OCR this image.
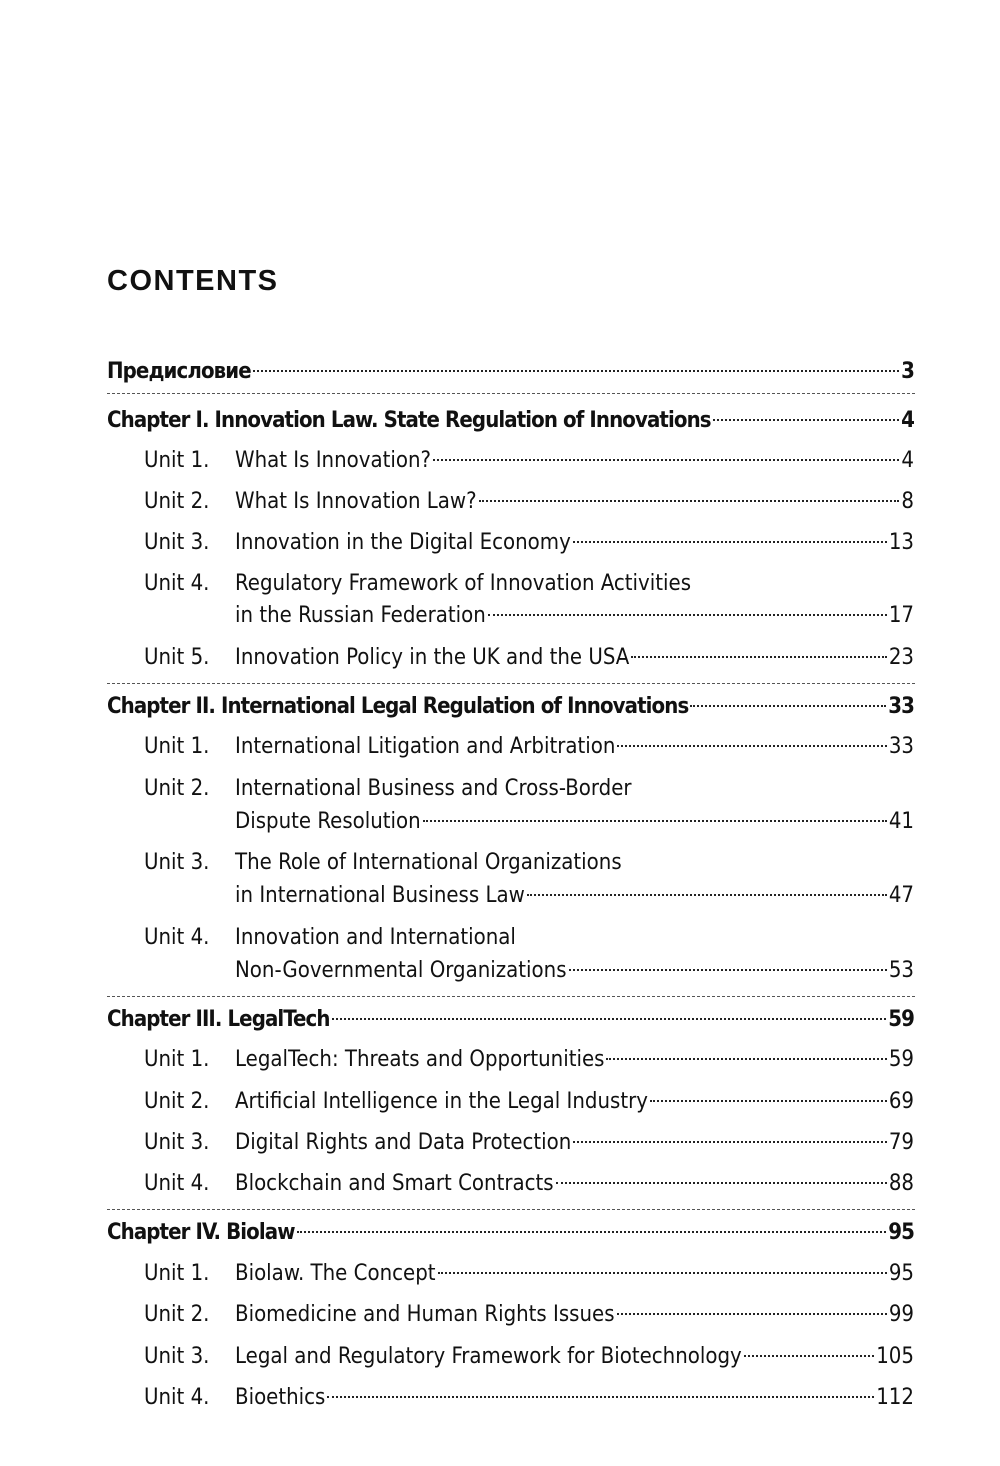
CONTENTS
Предисловие	3
Chapter I. Innovation Law. State Regulation of Innovations	4
Unit 1. What Is Innovation?	4
Unit 2. What Is Innovation Law?	8
Unit 3. Innovation in the Digital Economy	13
Unit 4. Regulatory Framework of Innovation Activities
in the Russian Federation	17
Unit 5. Innovation Policy in the UK and the USA	23
Chapter II. International Legal Regulation of Innovations	33
Unit 1. International Litigation and Arbitration	33
Unit 2. International Business and Cross-Border
Dispute Resolution	41
Unit 3. The Role of International Organizations
in International Business Law	47
Unit 4. Innovation and International
Non-Governmental Organizations	53
Chapter III. LegalTech	59
Unit 1. LegalTech: Threats and Opportunities	59
Unit 2. Artificial Intelligence in the Legal Industry	69
Unit 3. Digital Rights and Data Protection	79
Unit 4. Blockchain and Smart Contracts	88
Chapter IV. Biolaw	95
Unit 1. Biolaw. The Concept	95
Unit 2. Biomedicine and Human Rights Issues	99
Unit 3. Legal and Regulatory Framework for Biotechnology	105
Unit 4. Bioethics	112
